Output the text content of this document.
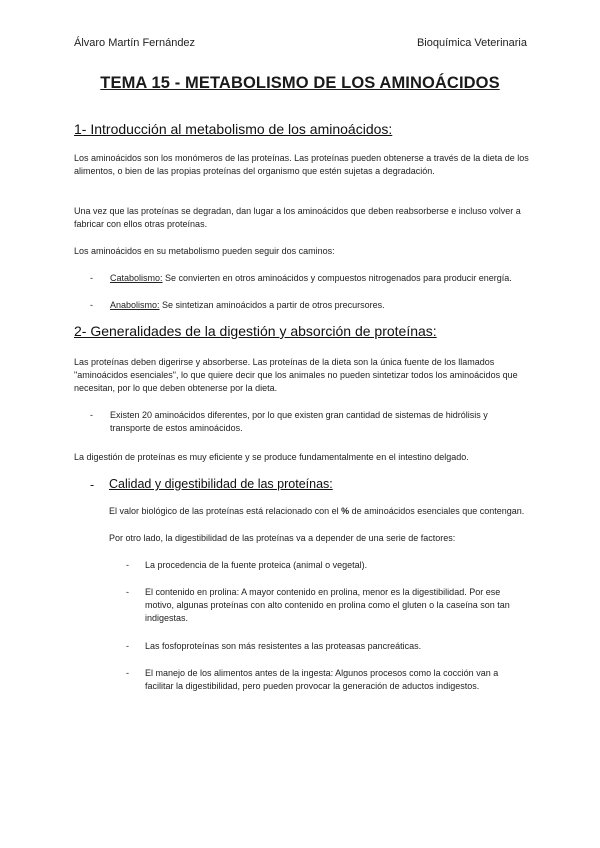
Álvaro Martín Fernández	Bioquímica Veterinaria
TEMA 15 - METABOLISMO DE LOS AMINOÁCIDOS
1- Introducción al metabolismo de los aminoácidos:
Los aminoácidos son los monómeros de las proteínas. Las proteínas pueden obtenerse a través de la dieta de los alimentos, o bien de las propias proteínas del organismo que estén sujetas a degradación.
Una vez que las proteínas se degradan, dan lugar a los aminoácidos que deben reabsorberse e incluso volver a fabricar con ellos otras proteínas.
Los aminoácidos en su metabolismo pueden seguir dos caminos:
- Catabolismo: Se convierten en otros aminoácidos y compuestos nitrogenados para producir energía.
- Anabolismo: Se sintetizan aminoácidos a partir de otros precursores.
2- Generalidades de la digestión y absorción de proteínas:
Las proteínas deben digerirse y absorberse. Las proteínas de la dieta son la única fuente de los llamados "aminoácidos esenciales", lo que quiere decir que los animales no pueden sintetizar todos los aminoácidos que necesitan, por lo que deben obtenerse por la dieta.
- Existen 20 aminoácidos diferentes, por lo que existen gran cantidad de sistemas de hidrólisis y transporte de estos aminoácidos.
La digestión de proteínas es muy eficiente y se produce fundamentalmente en el intestino delgado.
- Calidad y digestibilidad de las proteínas:
El valor biológico de las proteínas está relacionado con el % de aminoácidos esenciales que contengan.
Por otro lado, la digestibilidad de las proteínas va a depender de una serie de factores:
- La procedencia de la fuente proteica (animal o vegetal).
- El contenido en prolina: A mayor contenido en prolina, menor es la digestibilidad. Por ese motivo, algunas proteínas con alto contenido en prolina como el gluten o la caseína son tan indigestas.
- Las fosfoproteínas son más resistentes a las proteasas pancreáticas.
- El manejo de los alimentos antes de la ingesta: Algunos procesos como la cocción van a facilitar la digestibilidad, pero pueden provocar la generación de aductos indigestos.
